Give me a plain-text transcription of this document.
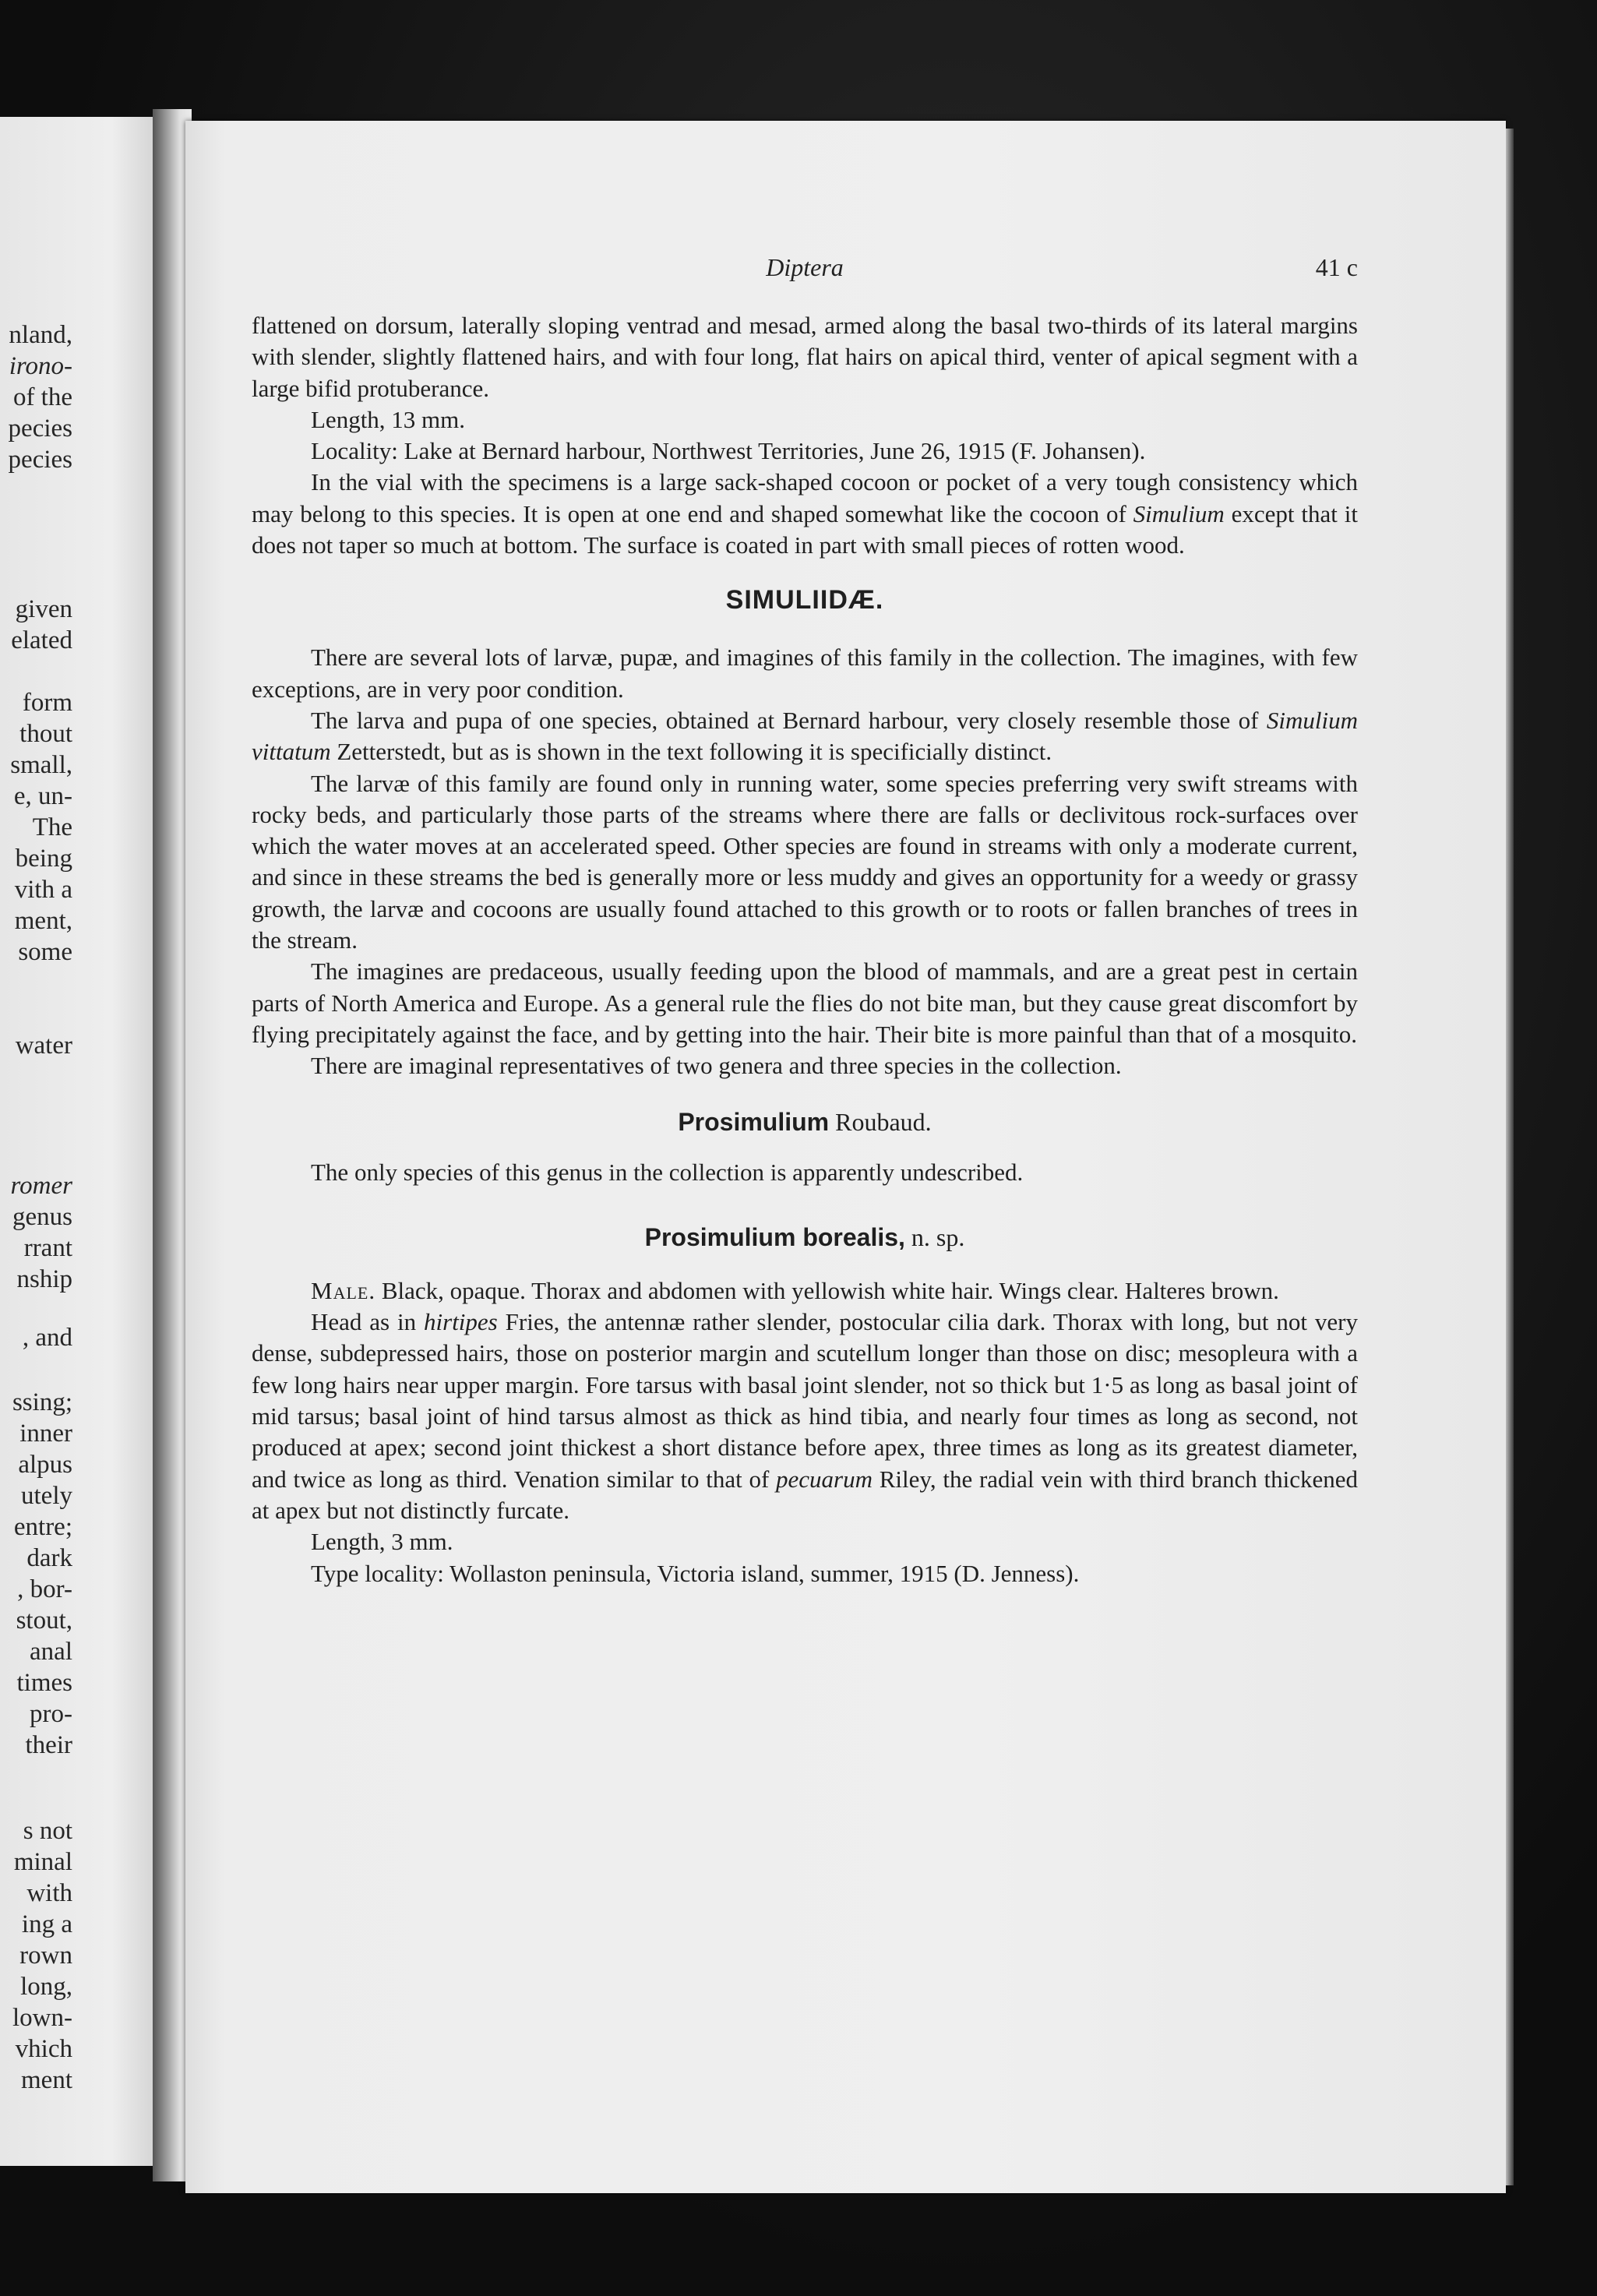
nland,
irono-
of the
pecies
pecies
given
elated
form
thout
small,
e, un-
The
being
vith a
ment,
some
water
romer
genus
rrant
nship
, and
ssing;
inner
alpus
utely
entre;
dark
, bor-
stout,
anal
times
pro-
their
s not
minal
with
ing a
rown
long,
lown-
vhich
ment
Diptera	41 c

flattened on dorsum, laterally sloping ventrad and mesad, armed along the basal two-thirds of its lateral margins with slender, slightly flattened hairs, and with four long, flat hairs on apical third, venter of apical segment with a large bifid protuberance.

Length, 13 mm.

Locality: Lake at Bernard harbour, Northwest Territories, June 26, 1915 (F. Johansen).

In the vial with the specimens is a large sack-shaped cocoon or pocket of a very tough consistency which may belong to this species. It is open at one end and shaped somewhat like the cocoon of Simulium except that it does not taper so much at bottom. The surface is coated in part with small pieces of rotten wood.

SIMULIIDÆ.

There are several lots of larvæ, pupæ, and imagines of this family in the collection. The imagines, with few exceptions, are in very poor condition.

The larva and pupa of one species, obtained at Bernard harbour, very closely resemble those of Simulium vittatum Zetterstedt, but as is shown in the text following it is specificially distinct.

The larvæ of this family are found only in running water, some species preferring very swift streams with rocky beds, and particularly those parts of the streams where there are falls or declivitous rock-surfaces over which the water moves at an accelerated speed. Other species are found in streams with only a moderate current, and since in these streams the bed is generally more or less muddy and gives an opportunity for a weedy or grassy growth, the larvæ and cocoons are usually found attached to this growth or to roots or fallen branches of trees in the stream.

The imagines are predaceous, usually feeding upon the blood of mammals, and are a great pest in certain parts of North America and Europe. As a general rule the flies do not bite man, but they cause great discomfort by flying precipitately against the face, and by getting into the hair. Their bite is more painful than that of a mosquito.

There are imaginal representatives of two genera and three species in the collection.

Prosimulium Roubaud.

The only species of this genus in the collection is apparently undescribed.

Prosimulium borealis, n. sp.

Male. Black, opaque. Thorax and abdomen with yellowish white hair. Wings clear. Halteres brown.

Head as in hirtipes Fries, the antennæ rather slender, postocular cilia dark. Thorax with long, but not very dense, subdepressed hairs, those on posterior margin and scutellum longer than those on disc; mesopleura with a few long hairs near upper margin. Fore tarsus with basal joint slender, not so thick but 1·5 as long as basal joint of mid tarsus; basal joint of hind tarsus almost as thick as hind tibia, and nearly four times as long as second, not produced at apex; second joint thickest a short distance before apex, three times as long as its greatest diameter, and twice as long as third. Venation similar to that of pecuarum Riley, the radial vein with third branch thickened at apex but not distinctly furcate.

Length, 3 mm.

Type locality: Wollaston peninsula, Victoria island, summer, 1915 (D. Jenness).
